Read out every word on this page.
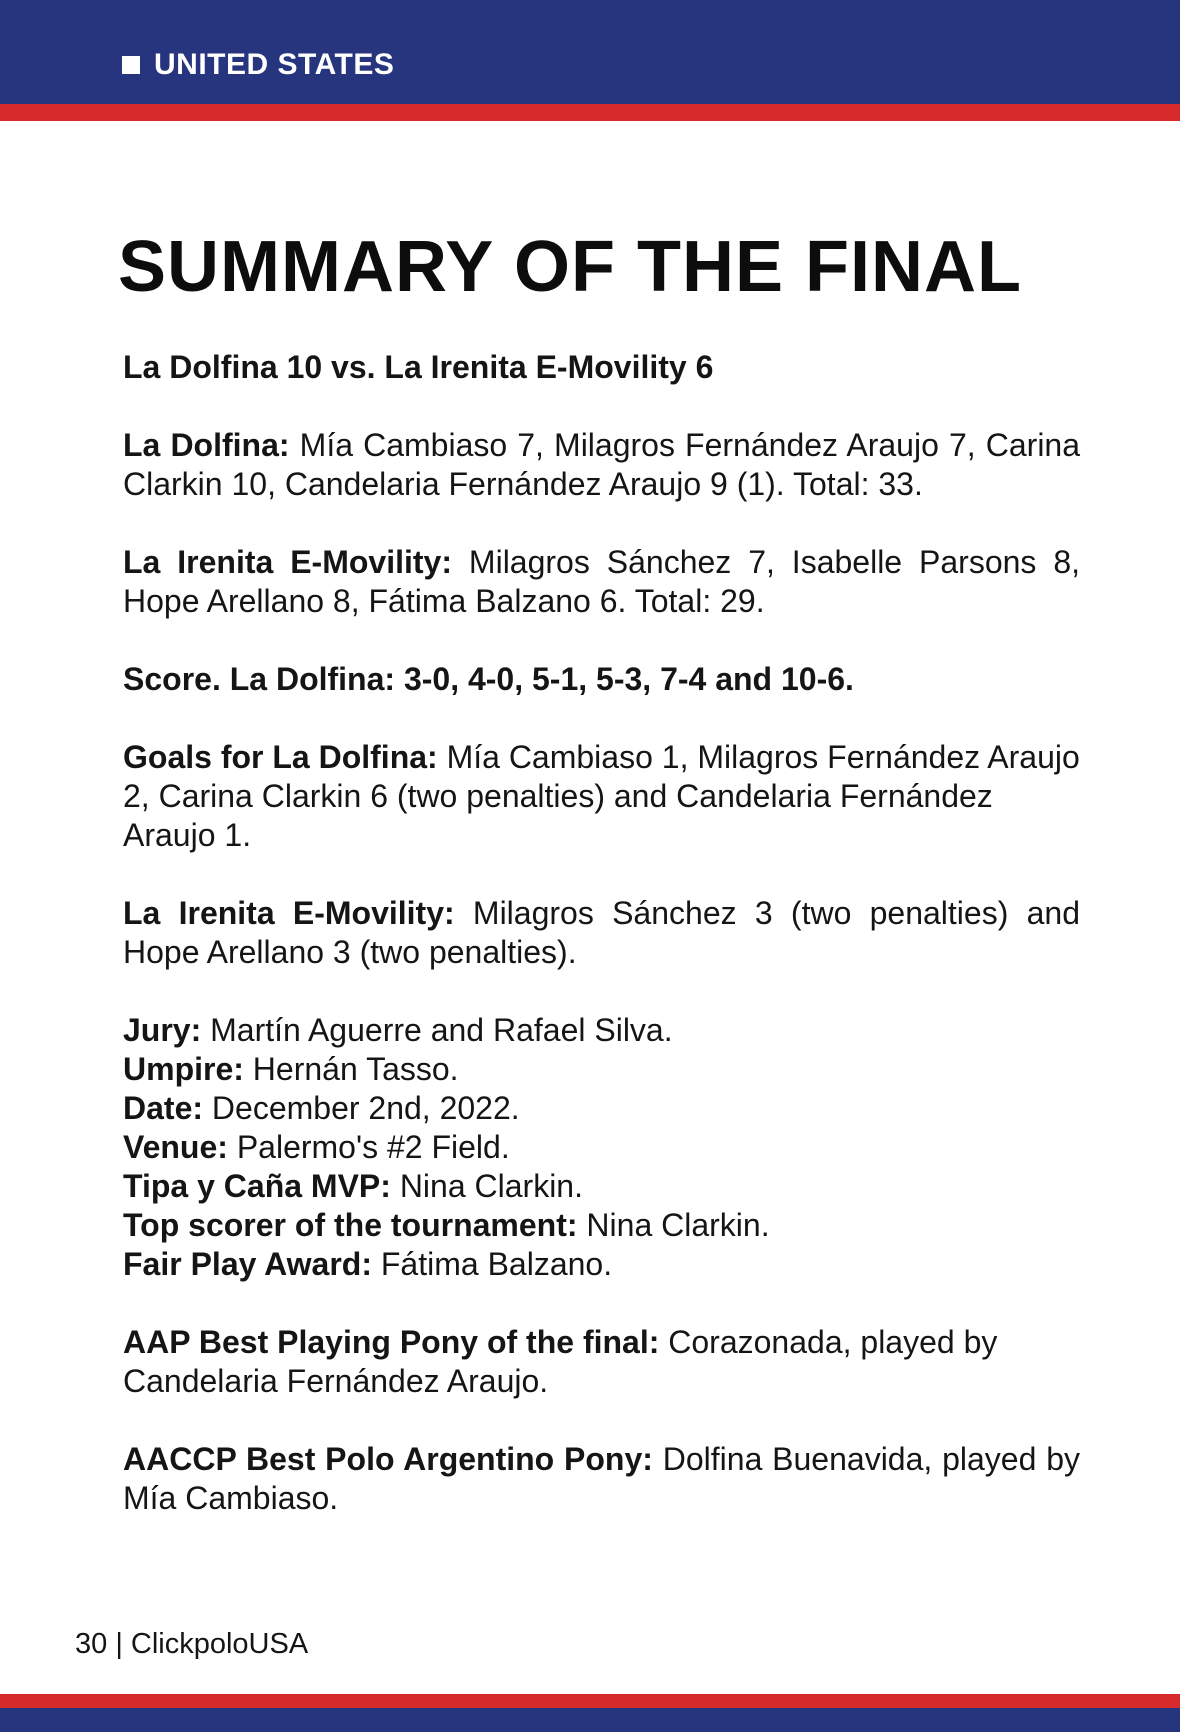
UNITED STATES
SUMMARY OF THE FINAL

La Dolfina 10 vs. La Irenita E-Movility 6

La Dolfina: Mía Cambiaso 7, Milagros Fernández Araujo 7, Carina Clarkin 10, Candelaria Fernández Araujo 9 (1). Total: 33.

La Irenita E-Movility: Milagros Sánchez 7, Isabelle Parsons 8, Hope Arellano 8, Fátima Balzano 6. Total: 29.

Score. La Dolfina: 3-0, 4-0, 5-1, 5-3, 7-4 and 10-6.

Goals for La Dolfina: Mía Cambiaso 1, Milagros Fernández Araujo 2, Carina Clarkin 6 (two penalties) and Candelaria Fernández Araujo 1.

La Irenita E-Movility: Milagros Sánchez 3 (two penalties) and Hope Arellano 3 (two penalties).

Jury: Martín Aguerre and Rafael Silva.
Umpire: Hernán Tasso.
Date: December 2nd, 2022.
Venue: Palermo's #2 Field.
Tipa y Caña MVP: Nina Clarkin.
Top scorer of the tournament: Nina Clarkin.
Fair Play Award: Fátima Balzano.

AAP Best Playing Pony of the final: Corazonada, played by Candelaria Fernández Araujo.

AACCP Best Polo Argentino Pony: Dolfina Buenavida, played by Mía Cambiaso.

30 | ClickpoloUSA
